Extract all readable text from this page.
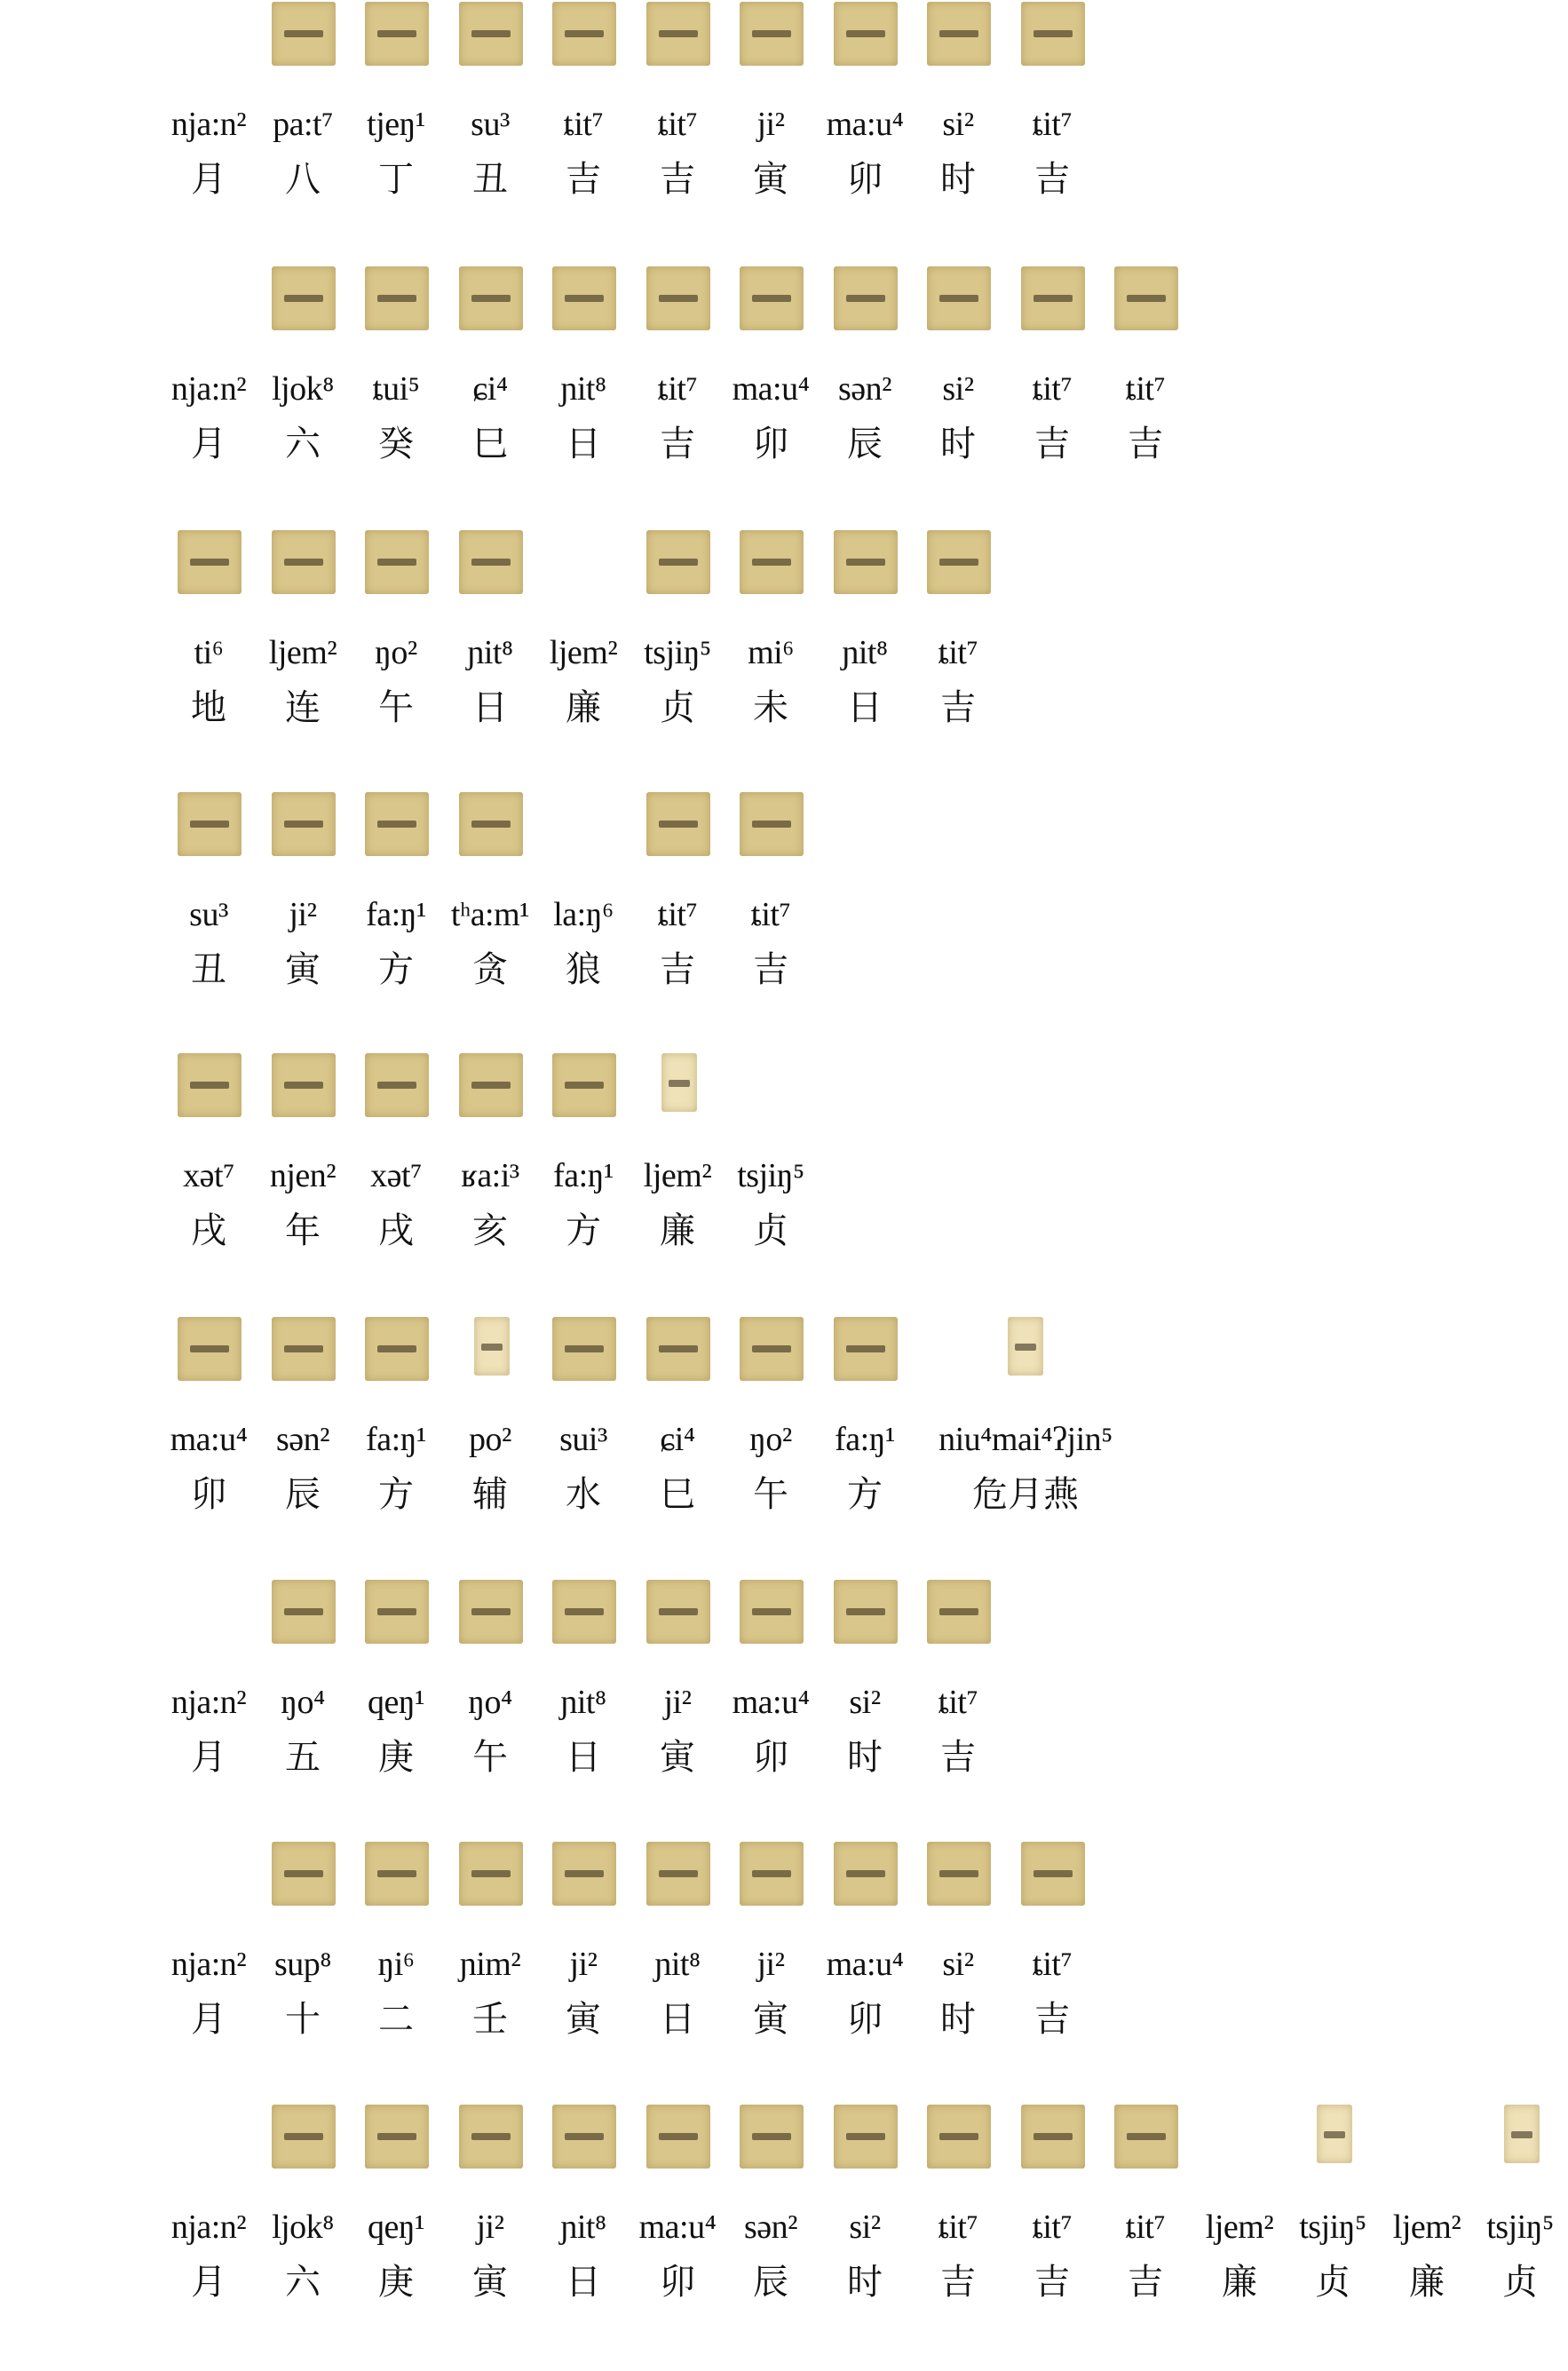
nja:n²
月
pa:t⁷
八
tjeŋ¹
丁
su³
丑
ȶit⁷
吉
ȶit⁷
吉
ji²
寅
ma:u⁴
卯
si²
时
ȶit⁷
吉
nja:n²
月
ljok⁸
六
ȶui⁵
癸
ɕi⁴
巳
ɲit⁸
日
ȶit⁷
吉
ma:u⁴
卯
sən²
辰
si²
时
ȶit⁷
吉
ȶit⁷
吉
ti⁶
地
ljem²
连
ŋo²
午
ɲit⁸
日
ljem²
廉
tsjiŋ⁵
贞
mi⁶
未
ɲit⁸
日
ȶit⁷
吉
su³
丑
ji²
寅
fa:ŋ¹
方
tʰa:m¹
贪
la:ŋ⁶
狼
ȶit⁷
吉
ȶit⁷
吉
xət⁷
戌
njen²
年
xət⁷
戌
ʁa:i³
亥
fa:ŋ¹
方
ljem²
廉
tsjiŋ⁵
贞
ma:u⁴
卯
sən²
辰
fa:ŋ¹
方
po²
辅
sui³
水
ɕi⁴
巳
ŋo²
午
fa:ŋ¹
方
niu⁴mai⁴ʔjin⁵
危月燕
nja:n²
月
ŋo⁴
五
qeŋ¹
庚
ŋo⁴
午
ɲit⁸
日
ji²
寅
ma:u⁴
卯
si²
时
ȶit⁷
吉
nja:n²
月
sup⁸
十
ŋi⁶
二
ɲim²
壬
ji²
寅
ɲit⁸
日
ji²
寅
ma:u⁴
卯
si²
时
ȶit⁷
吉
nja:n²
月
ljok⁸
六
qeŋ¹
庚
ji²
寅
ɲit⁸
日
ma:u⁴
卯
sən²
辰
si²
时
ȶit⁷
吉
ȶit⁷
吉
ȶit⁷
吉
ljem²
廉
tsjiŋ⁵
贞
ljem²
廉
tsjiŋ⁵
贞
